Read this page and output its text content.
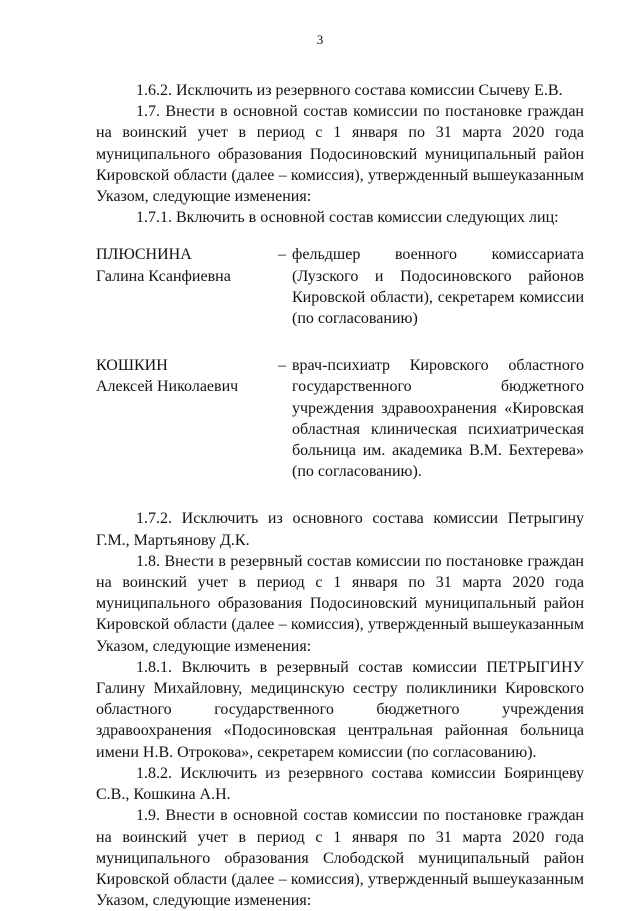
3

1.6.2. Исключить из резервного состава комиссии Сычеву Е.В.

1.7. Внести в основной состав комиссии по постановке граждан на воинский учет в период с 1 января по 31 марта 2020 года муниципального образования Подосиновский муниципальный район Кировской области (далее – комиссия), утвержденный вышеуказанным Указом, следующие изменения:

1.7.1. Включить в основной состав комиссии следующих лиц:

ПЛЮСНИНА
Галина Ксанфиевна
– фельдшер военного комиссариата (Лузского и Подосиновского районов Кировской области), секретарем комиссии (по согласованию)
КОШКИН
Алексей Николаевич
– врач-психиатр Кировского областного государственного бюджетного учреждения здравоохранения «Кировская областная клиническая психиатрическая больница им. академика В.М. Бехтерева» (по согласованию).

1.7.2. Исключить из основного состава комиссии Петрыгину Г.М., Мартьянову Д.К.

1.8. Внести в резервный состав комиссии по постановке граждан на воинский учет в период с 1 января по 31 марта 2020 года муниципального образования Подосиновский муниципальный район Кировской области (далее – комиссия), утвержденный вышеуказанным Указом, следующие изменения:

1.8.1. Включить в резервный состав комиссии ПЕТРЫГИНУ Галину Михайловну, медицинскую сестру поликлиники Кировского областного государственного бюджетного учреждения здравоохранения «Подосиновская центральная районная больница имени Н.В. Отрокова», секретарем комиссии (по согласованию).

1.8.2. Исключить из резервного состава комиссии Бояринцеву С.В., Кошкина А.Н.

1.9. Внести в основной состав комиссии по постановке граждан на воинский учет в период с 1 января по 31 марта 2020 года муниципального образования Слободской муниципальный район Кировской области (далее – комиссия), утвержденный вышеуказанным Указом, следующие изменения:
